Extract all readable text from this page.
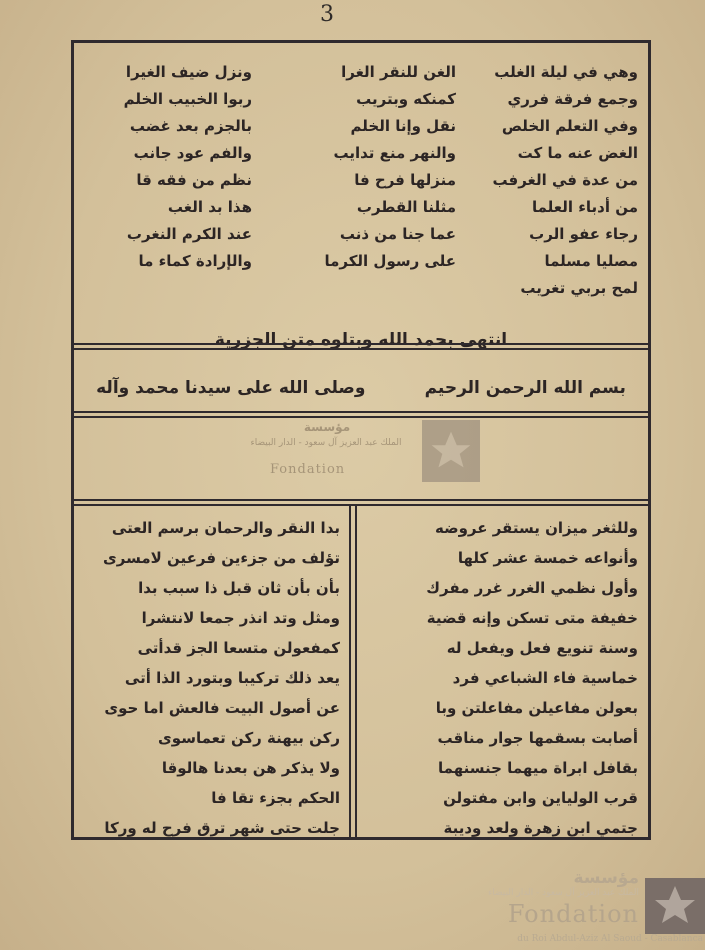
3
وهي في ليلة الغلب
وجمع فرقة فرري
وفي التعلم الخلص
الغض عنه ما كت
من عدة في الغرفب
من أدباء العلما
رجاء عفو الرب
مصليا مسلما
لمح بربي تغريب
الغن للنقر الغرا
كمنكه وبتريب
نقل وإنا الخلم
والنهر منع تدايب
منزلها فرح فا
مثلنا القطرب
عما جنا من ذنب
على رسول الكرما
ونزل ضيف الغيرا
ربوا الخبيب الخلم
بالجزم بعد غضب
والفم عود جانب
نظم من فقه قا
هذا بد الغب
عند الكرم النغرب
والإرادة كماء ما
انتهى بحمد الله وبتلوه متن الجزرية
بسم الله الرحمن الرحيم          وصلى الله على سيدنا محمد وآله
وللثغر ميزان يستقر عروضه
وأنواعه خمسة عشر كلها
وأول نظمي الغرر غرر مفرك
خفيفة متى تسكن وإنه قضية
وسنة تنويع فعل ويفعل له
خماسية فاء الشباعي فرد
بعولن مفاعيلن مفاعلتن وبا
أصابت بسقمها جوار مناقب
بقافل ابراة ميهما جنسنهما
قرب الولياين وابن مفتولن
جتمي ابن زهرة ولعد وديبة
بدا النقر والرحمان برسم العتى
تؤلف من جزءين فرعين لامسرى
بأن بأن ثان قبل ذا سبب بدا
ومثل وتد انذر جمعا لانتشرا
كمفعولن متسعا الجز قدأتى
يعد ذلك تركيبا وبتورد الذا أتى
عن أصول البيت فالعش اما حوى
ركن بيهنة ركن تعماسوى
ولا يذكر هن بعدنا هالوقا
الحكم بجزء تقا فا
جلت حتى شهر ترق فرح له وركا
مؤسسة
الملك عبد العزيز آل سعود - الدار البيضاء
Fondation
مؤسسة
الملك عبد العزيز آل سعود - الدار البيضاء
Fondation
du Roi Abdul-Aziz Al Saoud - Casablanca
